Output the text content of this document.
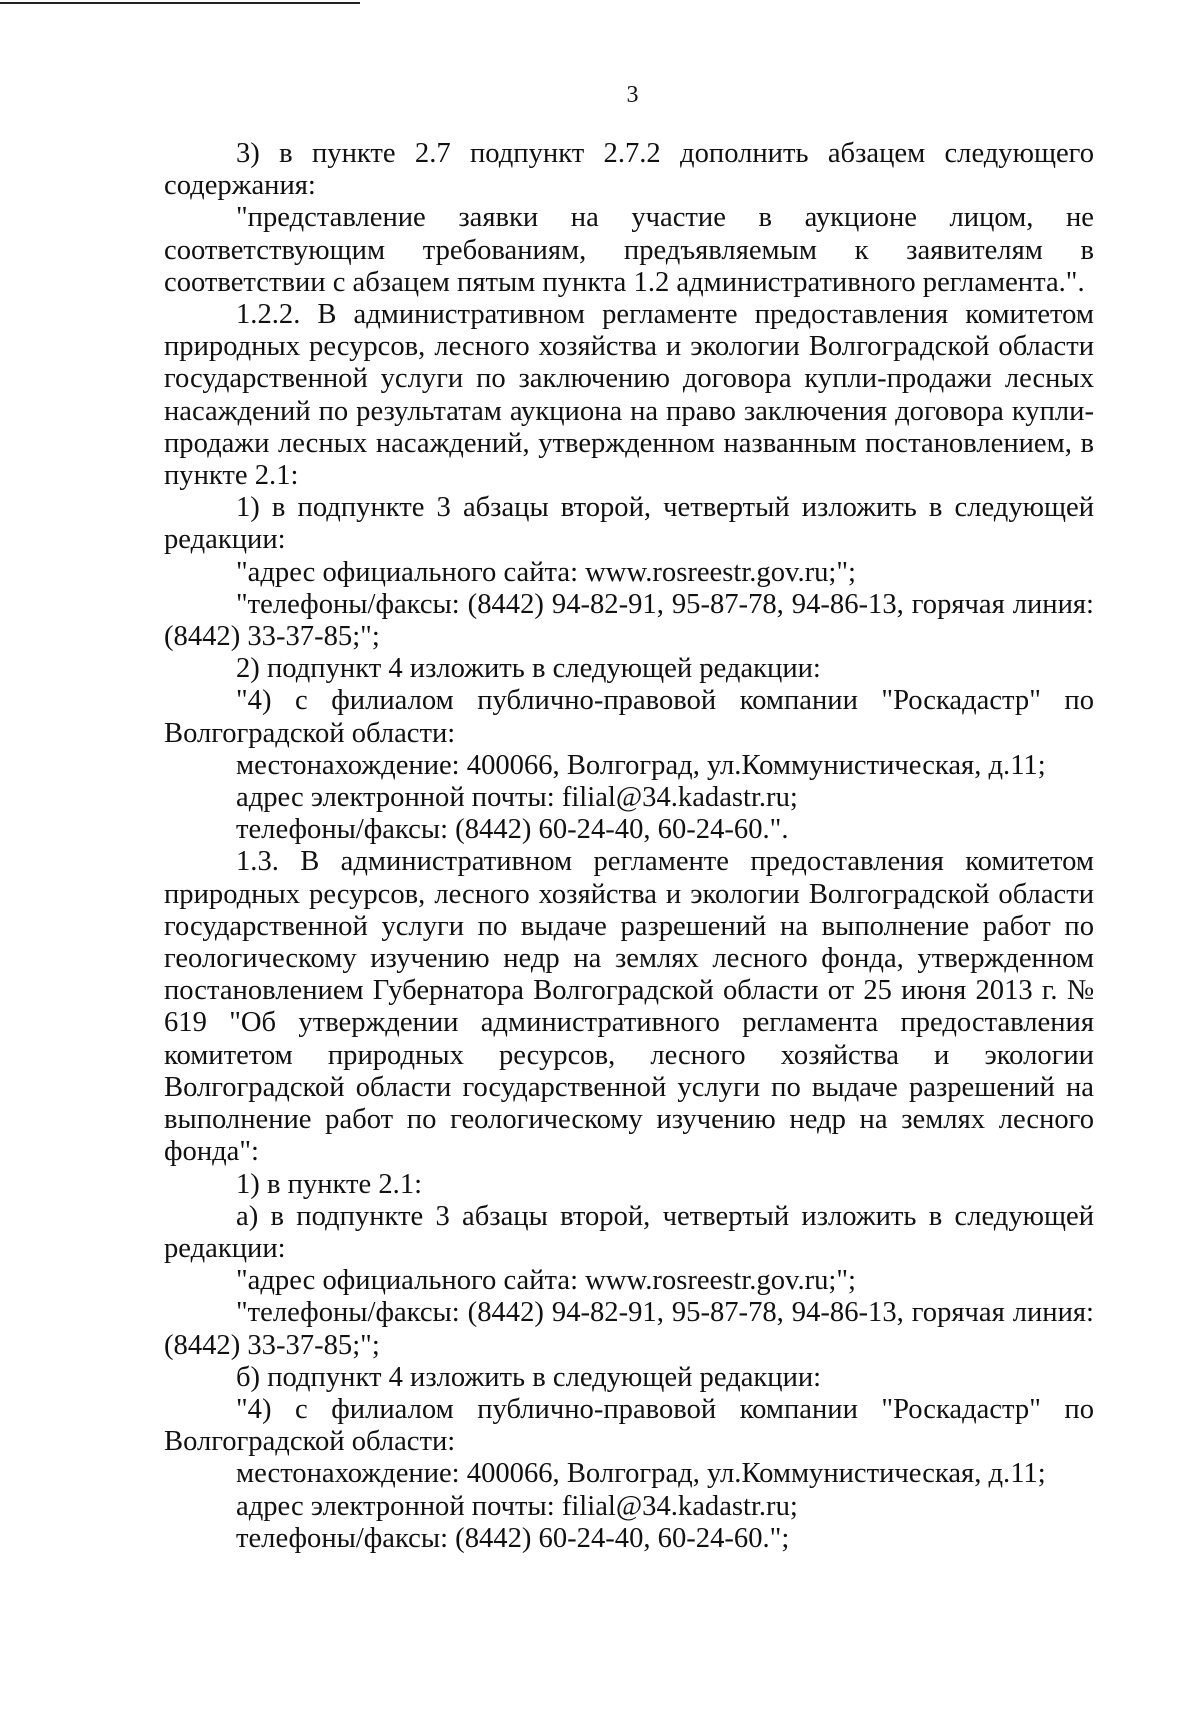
3

3) в пункте 2.7 подпункт 2.7.2 дополнить абзацем следующего содержания:

"представление заявки на участие в аукционе лицом, не соответствующим требованиям, предъявляемым к заявителям в соответствии с абзацем пятым пункта 1.2 административного регламента.".

1.2.2. В административном регламенте предоставления комитетом природных ресурсов, лесного хозяйства и экологии Волгоградской области государственной услуги по заключению договора купли-продажи лесных насаждений по результатам аукциона на право заключения договора купли-продажи лесных насаждений, утвержденном названным постановлением, в пункте 2.1:

1) в подпункте 3 абзацы второй, четвертый изложить в следующей редакции:

"адрес официального сайта: www.rosreestr.gov.ru;";

"телефоны/факсы: (8442) 94-82-91, 95-87-78, 94-86-13, горячая линия: (8442) 33-37-85;";

2) подпункт 4 изложить в следующей редакции:

"4) с филиалом публично-правовой компании "Роскадастр" по Волгоградской области:

местонахождение: 400066, Волгоград, ул.Коммунистическая, д.11;

адрес электронной почты: filial@34.kadastr.ru;

телефоны/факсы: (8442) 60-24-40, 60-24-60.".

1.3. В административном регламенте предоставления комитетом природных ресурсов, лесного хозяйства и экологии Волгоградской области государственной услуги по выдаче разрешений на выполнение работ по геологическому изучению недр на землях лесного фонда, утвержденном постановлением Губернатора Волгоградской области от 25 июня 2013 г. № 619 "Об утверждении административного регламента предоставления комитетом природных ресурсов, лесного хозяйства и экологии Волгоградской области государственной услуги по выдаче разрешений на выполнение работ по геологическому изучению недр на землях лесного фонда":

1) в пункте 2.1:

а) в подпункте 3 абзацы второй, четвертый изложить в следующей редакции:

"адрес официального сайта: www.rosreestr.gov.ru;";

"телефоны/факсы: (8442) 94-82-91, 95-87-78, 94-86-13, горячая линия: (8442) 33-37-85;";

б) подпункт 4 изложить в следующей редакции:

"4) с филиалом публично-правовой компании "Роскадастр" по Волгоградской области:

местонахождение: 400066, Волгоград, ул.Коммунистическая, д.11;

адрес электронной почты: filial@34.kadastr.ru;

телефоны/факсы: (8442) 60-24-40, 60-24-60.";
